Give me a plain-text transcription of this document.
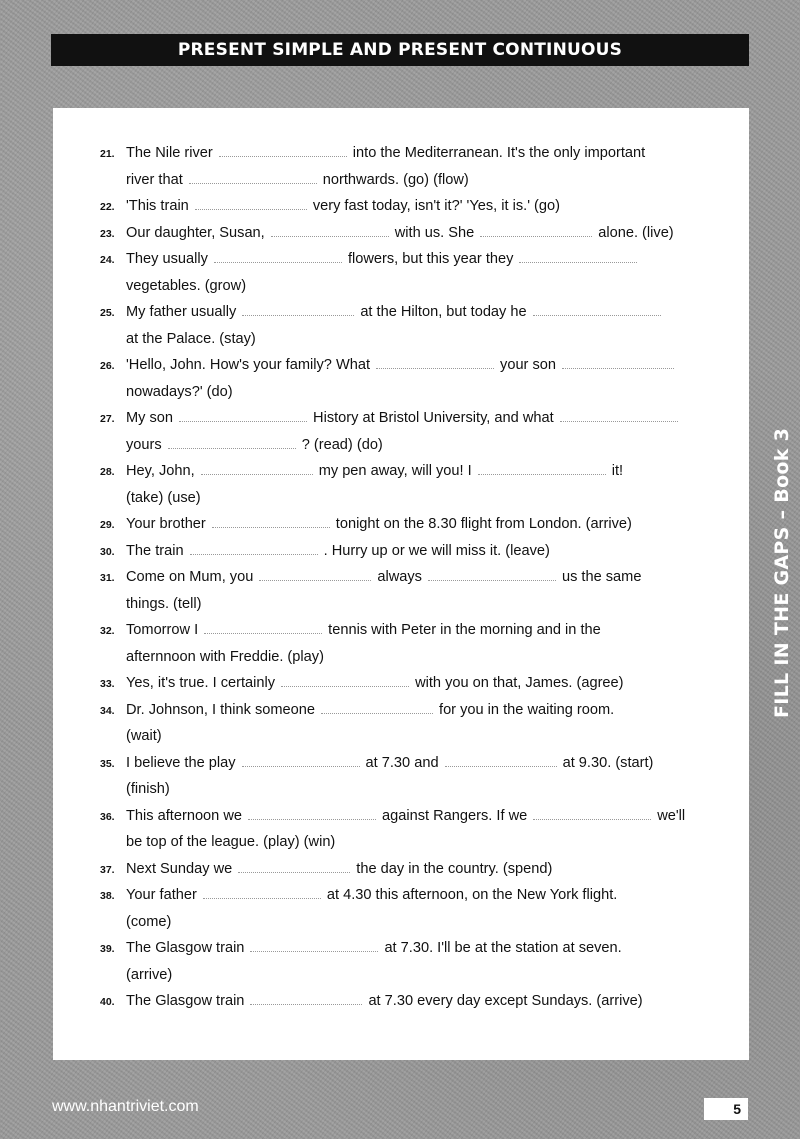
PRESENT SIMPLE AND PRESENT CONTINUOUS
21. The Nile river	into the Mediterranean. It's the only important
river that	northwards. (go) (flow)
22. 'This train	very fast today, isn't it?' 'Yes, it is.' (go)
23. Our daughter, Susan,	with us. She	alone. (live)
24. They usually	flowers, but this year they
vegetables. (grow)
25. My father usually	at the Hilton, but today he
at the Palace. (stay)
26. 'Hello, John. How's your family? What	your son
nowadays?' (do)
27. My son	History at Bristol University, and what
yours	? (read) (do)
28. Hey, John,	my pen away, will you! I	it!
(take) (use)
29. Your brother	tonight on the 8.30 flight from London. (arrive)
30. The train	. Hurry up or we will miss it. (leave)
31. Come on Mum, you	always	us the same
things. (tell)
32. Tomorrow I	tennis with Peter in the morning and in the
afternnoon with Freddie. (play)
33. Yes, it's true. I certainly	with you on that, James. (agree)
34. Dr. Johnson, I think someone	for you in the waiting room.
(wait)
35. I believe the play	at 7.30 and	at 9.30. (start)
(finish)
36. This afternoon we	against Rangers. If we	we'll
be top of the league. (play) (win)
37. Next Sunday we	the day in the country. (spend)
38. Your father	at 4.30 this afternoon, on the New York flight.
(come)
39. The Glasgow train	at 7.30. I'll be at the station at seven.
(arrive)
40. The Glasgow train	at 7.30 every day except Sundays. (arrive)
FILL IN THE GAPS – Book 3
www.nhantriviet.com	5
